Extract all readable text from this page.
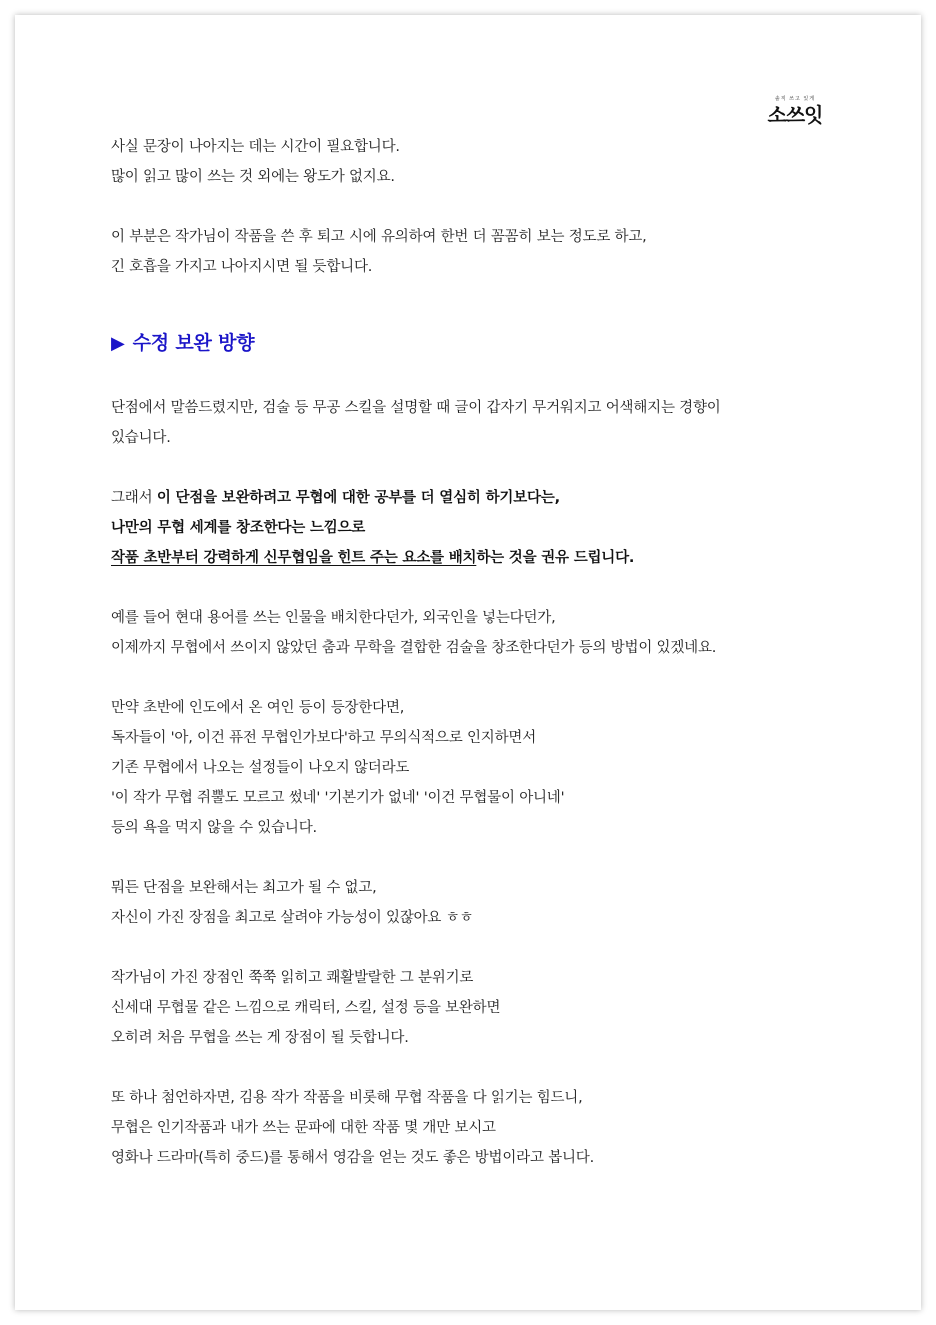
솔직 쓰고 있게
소쓰잇
사실 문장이 나아지는 데는 시간이 필요합니다.
많이 읽고 많이 쓰는 것 외에는 왕도가 없지요.
이 부분은 작가님이 작품을 쓴 후 퇴고 시에 유의하여 한번 더 꼼꼼히 보는 정도로 하고,
긴 호흡을 가지고 나아지시면 될 듯합니다.
▶ 수정 보완 방향
단점에서 말씀드렸지만, 검술 등 무공 스킬을 설명할 때 글이 갑자기 무거워지고 어색해지는 경향이
있습니다.
그래서 이 단점을 보완하려고 무협에 대한 공부를 더 열심히 하기보다는,
나만의 무협 세계를 창조한다는 느낌으로
작품 초반부터 강력하게 신무협임을 힌트 주는 요소를 배치하는 것을 권유 드립니다.
예를 들어 현대 용어를 쓰는 인물을 배치한다던가, 외국인을 넣는다던가,
이제까지 무협에서 쓰이지 않았던 춤과 무학을 결합한 검술을 창조한다던가 등의 방법이 있겠네요.
만약 초반에 인도에서 온 여인 등이 등장한다면,
독자들이 '아, 이건 퓨전 무협인가보다'하고 무의식적으로 인지하면서
기존 무협에서 나오는 설정들이 나오지 않더라도
'이 작가 무협 쥐뿔도 모르고 썼네' '기본기가 없네' '이건 무협물이 아니네'
등의 욕을 먹지 않을 수 있습니다.
뭐든 단점을 보완해서는 최고가 될 수 없고,
자신이 가진 장점을 최고로 살려야 가능성이 있잖아요 ㅎㅎ
작가님이 가진 장점인 쭉쭉 읽히고 쾌활발랄한 그 분위기로
신세대 무협물 같은 느낌으로 캐릭터, 스킬, 설정 등을 보완하면
오히려 처음 무협을 쓰는 게 장점이 될 듯합니다.
또 하나 첨언하자면, 김용 작가 작품을 비롯해 무협 작품을 다 읽기는 힘드니,
무협은 인기작품과 내가 쓰는 문파에 대한 작품 몇 개만 보시고
영화나 드라마(특히 중드)를 통해서 영감을 얻는 것도 좋은 방법이라고 봅니다.
